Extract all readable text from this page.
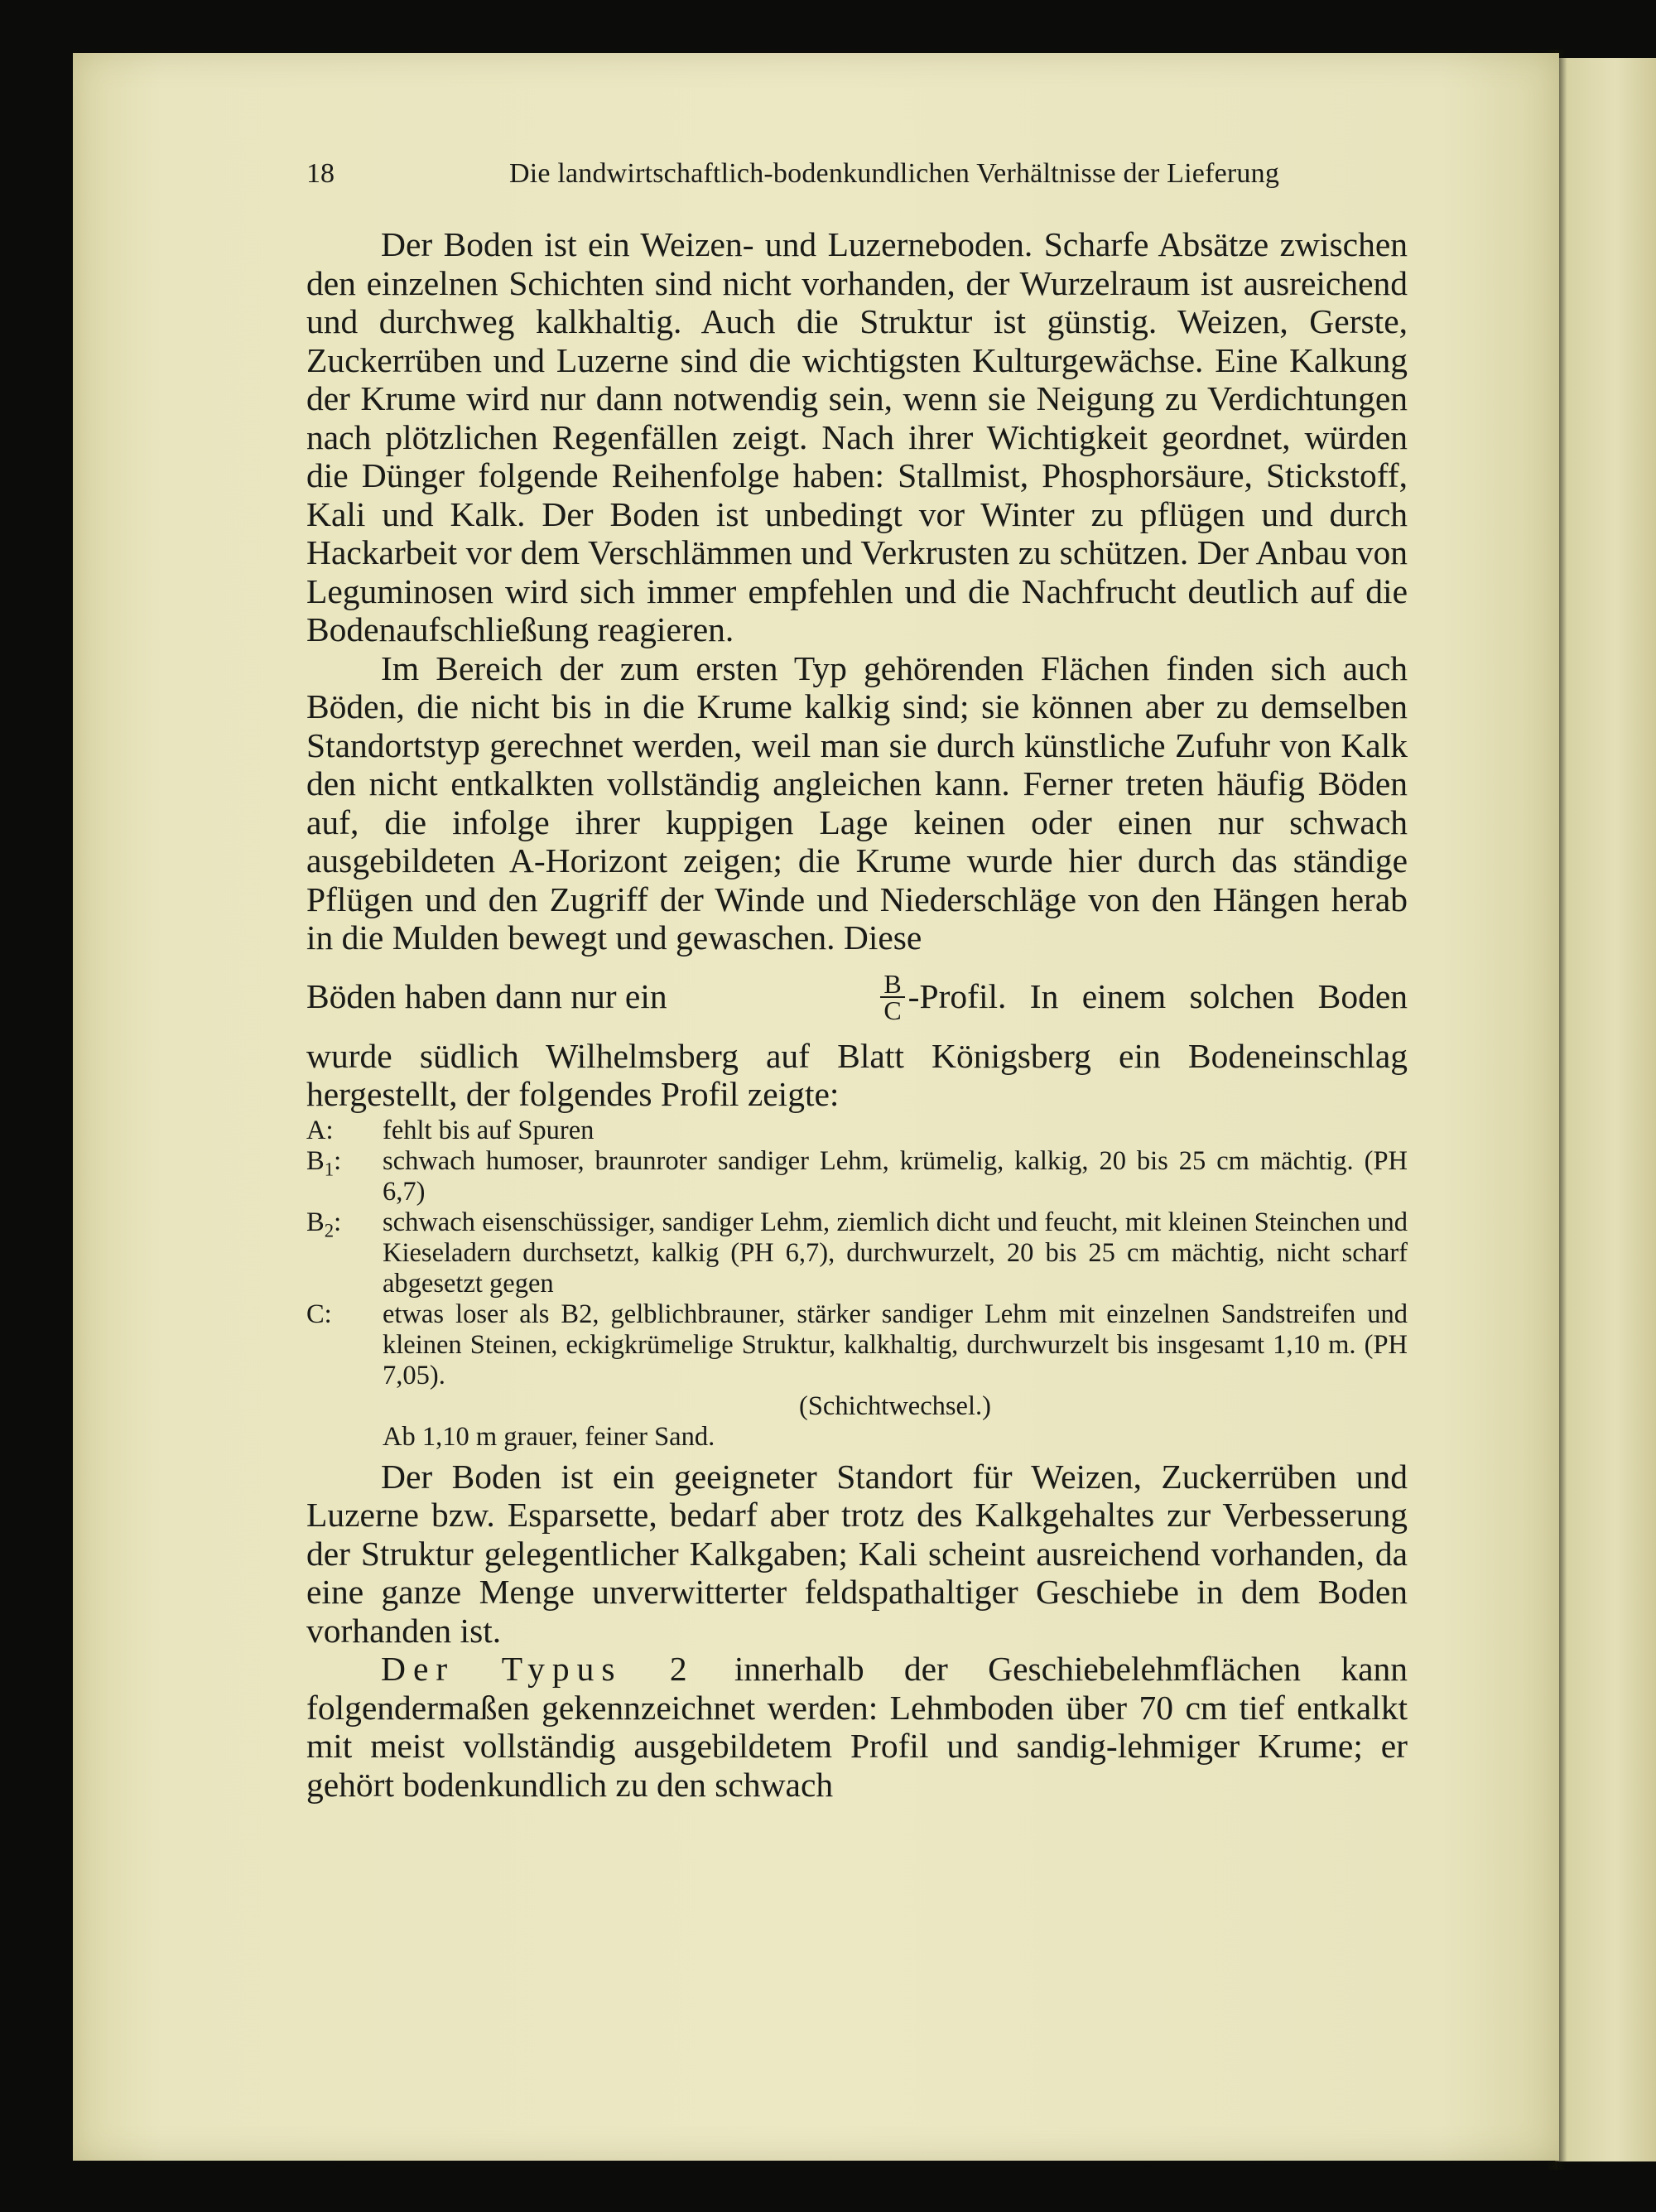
18	Die landwirtschaftlich-bodenkundlichen Verhältnisse der Lieferung

Der Boden ist ein Weizen- und Luzerneboden. Scharfe Absätze zwischen den einzelnen Schichten sind nicht vorhanden, der Wurzelraum ist ausreichend und durchweg kalkhaltig. Auch die Struktur ist günstig. Weizen, Gerste, Zuckerrüben und Luzerne sind die wichtigsten Kulturgewächse. Eine Kalkung der Krume wird nur dann notwendig sein, wenn sie Neigung zu Verdichtungen nach plötzlichen Regenfällen zeigt. Nach ihrer Wichtigkeit geordnet, würden die Dünger folgende Reihenfolge haben: Stallmist, Phosphorsäure, Stickstoff, Kali und Kalk. Der Boden ist unbedingt vor Winter zu pflügen und durch Hackarbeit vor dem Verschlämmen und Verkrusten zu schützen. Der Anbau von Leguminosen wird sich immer empfehlen und die Nachfrucht deutlich auf die Bodenaufschließung reagieren.

Im Bereich der zum ersten Typ gehörenden Flächen finden sich auch Böden, die nicht bis in die Krume kalkig sind; sie können aber zu demselben Standortstyp gerechnet werden, weil man sie durch künstliche Zufuhr von Kalk den nicht entkalkten vollständig angleichen kann. Ferner treten häufig Böden auf, die infolge ihrer kuppigen Lage keinen oder einen nur schwach ausgebildeten A-Horizont zeigen; die Krume wurde hier durch das ständige Pflügen und den Zugriff der Winde und Niederschläge von den Hängen herab in die Mulden bewegt und gewaschen. Diese

Böden haben dann nur ein	$\frac{B}{C}$ -Profil. In einem solchen Boden

wurde südlich Wilhelmsberg auf Blatt Königsberg ein Bodeneinschlag hergestellt, der folgendes Profil zeigte:

A:	fehlt bis auf Spuren
$B_1$:	schwach humoser, braunroter sandiger Lehm, krümelig, kalkig, 20 bis 25 cm mächtig. (PH 6,7)
$B_2$:	schwach eisenschüssiger, sandiger Lehm, ziemlich dicht und feucht, mit kleinen Steinchen und Kieseladern durchsetzt, kalkig (PH 6,7), durchwurzelt, 20 bis 25 cm mächtig, nicht scharf abgesetzt gegen
C:	etwas loser als B2, gelblichbrauner, stärker sandiger Lehm mit einzelnen Sandstreifen und kleinen Steinen, eckigkrümelige Struktur, kalkhaltig, durchwurzelt bis insgesamt 1,10 m. (PH 7,05).
(Schichtwechsel.)
Ab 1,10 m grauer, feiner Sand.

Der Boden ist ein geeigneter Standort für Weizen, Zuckerrüben und Luzerne bzw. Esparsette, bedarf aber trotz des Kalkgehaltes zur Verbesserung der Struktur gelegentlicher Kalkgaben; Kali scheint ausreichend vorhanden, da eine ganze Menge unverwitterter feldspathaltiger Geschiebe in dem Boden vorhanden ist.

Der Typus 2 innerhalb der Geschiebelehmflächen kann folgendermaßen gekennzeichnet werden: Lehmboden über 70 cm tief entkalkt mit meist vollständig ausgebildetem Profil und sandig-lehmiger Krume; er gehört bodenkundlich zu den schwach
